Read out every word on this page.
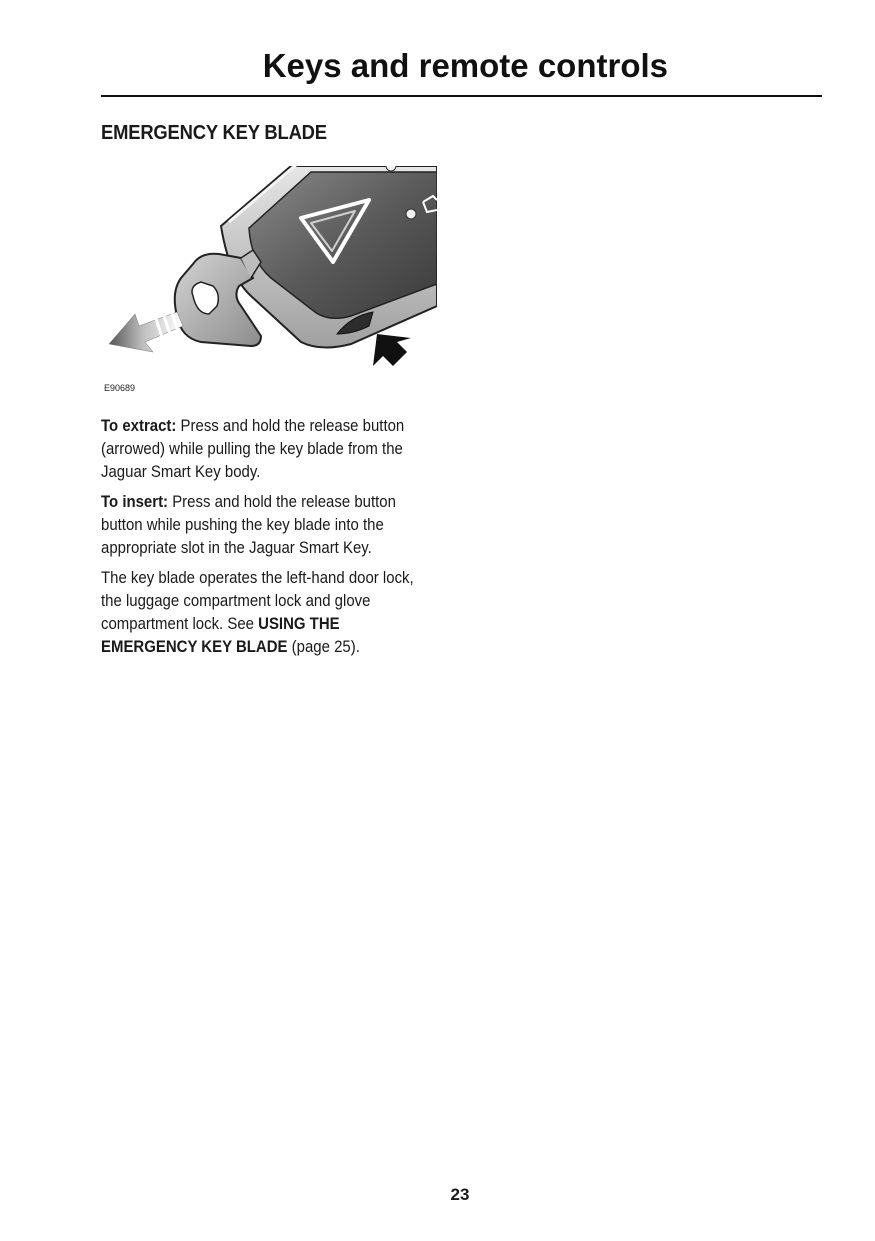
Keys and remote controls
EMERGENCY KEY BLADE
E90689

To extract: Press and hold the release button (arrowed) while pulling the key blade from the Jaguar Smart Key body.

To insert: Press and hold the release button button while pushing the key blade into the appropriate slot in the Jaguar Smart Key.

The key blade operates the left-hand door lock, the luggage compartment lock and glove compartment lock. See USING THE EMERGENCY KEY BLADE (page 25).

23
